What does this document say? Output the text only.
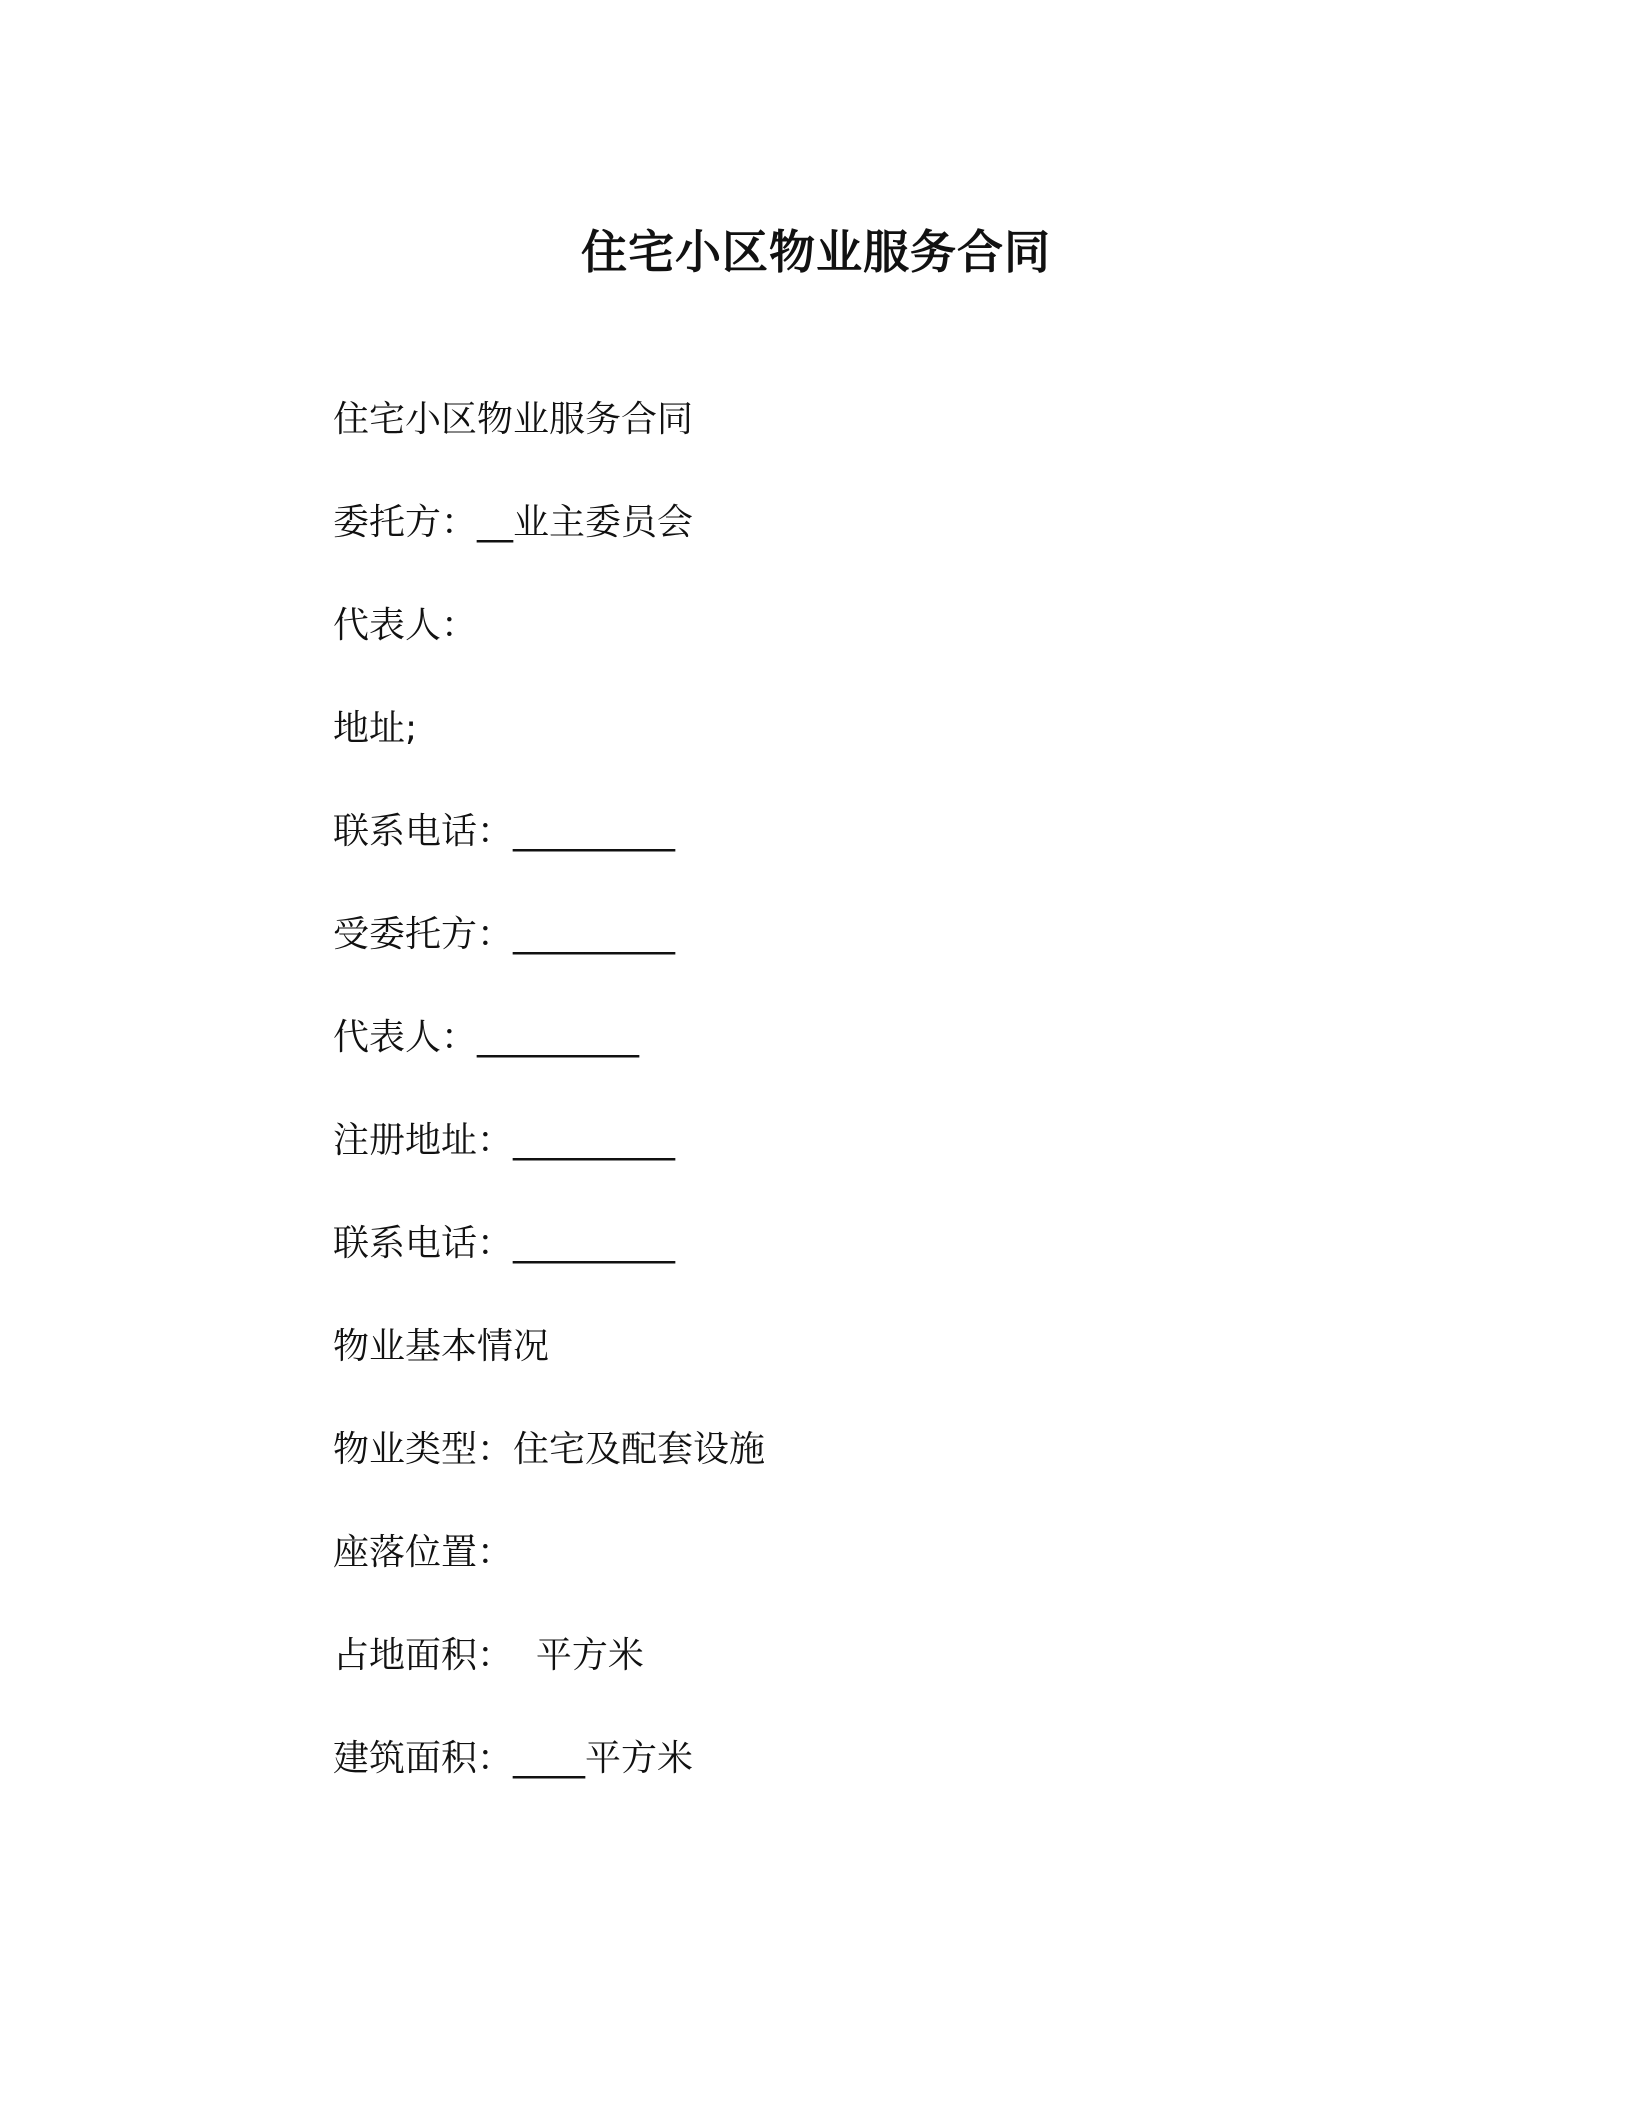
住宅小区物业服务合同
住宅小区物业服务合同
委托方：__业主委员会
代表人：
地址;
联系电话：_________
受委托方：_________
代表人：_________
注册地址：_________
联系电话：_________
物业基本情况
物业类型：住宅及配套设施
座落位置：
占地面积：  平方米
建筑面积：____平方米
